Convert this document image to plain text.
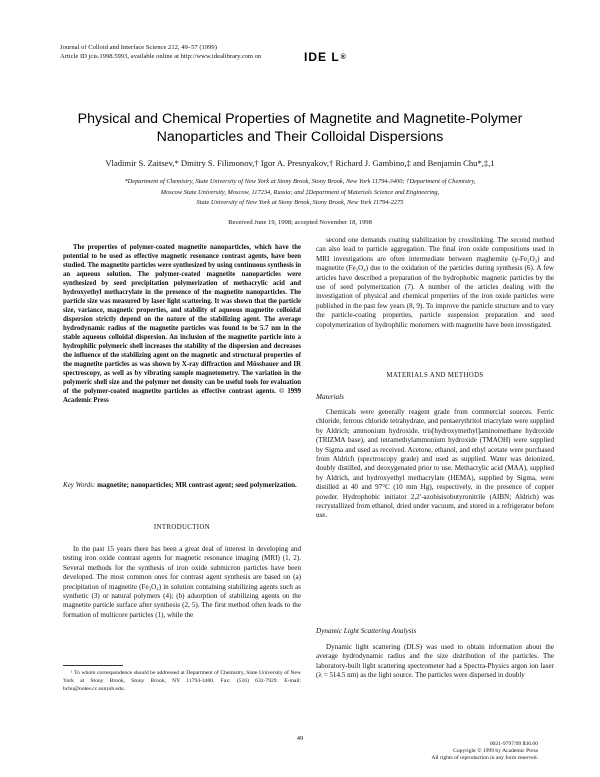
Journal of Colloid and Interface Science 212, 49–57 (1999)
Article ID jcis.1998.5993, available online at http://www.idealibrary.com on	IDE L ®
Physical and Chemical Properties of Magnetite and Magnetite-Polymer
Nanoparticles and Their Colloidal Dispersions
Vladimir S. Zaitsev,* Dmitry S. Filimonov,† Igor A. Presnyakov,† Richard J. Gambino,‡ and Benjamin Chu*,‡,1
*Department of Chemistry, State University of New York at Stony Brook, Stony Brook, New York 11794-3400; †Department of Chemistry,
Moscow State University, Moscow, 117234, Russia; and ‡Department of Materials Science and Engineering,
State University of New York at Stony Brook, Stony Brook, New York 11794-2275
Received June 19, 1998; accepted November 18, 1998
The properties of polymer-coated magnetite nanoparticles, which have the potential to be used as effective magnetic resonance contrast agents, have been studied. The magnetite particles were synthesized by using continuous synthesis in an aqueous solution. The polymer-coated magnetite nanoparticles were synthesized by seed precipitation polymerization of methacrylic acid and hydroxyethyl methacrylate in the presence of the magnetite nanoparticles. The particle size was measured by laser light scattering. It was shown that the particle size, variance, magnetic properties, and stability of aqueous magnetite colloidal dispersion strictly depend on the nature of the stabilizing agent. The average hydrodynamic radius of the magnetite particles was found to be 5.7 nm in the stable aqueous colloidal dispersion. An inclusion of the magnetite particle into a hydrophilic polymeric shell increases the stability of the dispersion and decreases the influence of the stabilizing agent on the magnetic and structural properties of the magnetite particles as was shown by X-ray diffraction and Mössbauer and IR spectroscopy, as well as by vibrating sample magnetometry. The variation in the polymeric shell size and the polymer net density can be useful tools for evaluation of the polymer-coated magnetite particles as effective contrast agents. © 1999 Academic Press
Key Words: magnetite; nanoparticles; MR contrast agent; seed polymerization.
INTRODUCTION
In the past 15 years there has been a great deal of interest in developing and testing iron oxide contrast agents for magnetic resonance imaging (MRI) (1, 2). Several methods for the synthesis of iron oxide submicron particles have been developed. The most common ones for contrast agent synthesis are based on (a) precipitation of magnetite (Fe₃O₄) in solution containing stabilizing agents such as synthetic (3) or natural polymers (4); (b) adsorption of stabilizing agents on the magnetite particle surface after synthesis (2, 5). The first method often leads to the formation of multicore particles (1), while the
¹ To whom correspondence should be addressed at Department of Chemistry, State University of New York at Stony Brook, Stony Brook, NY 11794-3400. Fax: (516) 632-7929. E-mail: bchu@notes.cc.sunysb.edu.
second one demands coating stabilization by crosslinking. The second method can also lead to particle aggregation. The final iron oxide compositions used in MRI investigations are often intermediate between maghemite (γ-Fe₂O₃) and magnetite (Fe₃O₄) due to the oxidation of the particles during synthesis (6). A few articles have described a preparation of the hydrophobic magnetic particles by the use of seed polymerization (7). A number of the articles dealing with the investigation of physical and chemical properties of the iron oxide particles were published in the past few years (8, 9). To improve the particle structure and to vary the particle-coating properties, particle suspension preparation and seed copolymerization of hydrophilic monomers with magnetite have been investigated.
MATERIALS AND METHODS
Materials
Chemicals were generally reagent grade from commercial sources. Ferric chloride, ferrous chloride tetrahydrate, and pentaerythritol triacrylate were supplied by Aldrich; ammonium hydroxide, tris[hydroxymethyl]aminomethane hydroxide (TRIZMA base), and tetramethylammonium hydroxide (TMAOH) were supplied by Sigma and used as received. Acetone, ethanol, and ethyl acetate were purchased from Aldrich (spectroscopy grade) and used as supplied. Water was deionized, doubly distilled, and deoxygenated prior to use. Methacrylic acid (MAA), supplied by Aldrich, and hydroxyethyl methacrylate (HEMA), supplied by Sigma, were distilled at 40 and 97°C (10 mm Hg), respectively, in the presence of copper powder. Hydrophobic initiator 2,2′-azobisisobutyronitrile (AIBN; Aldrich) was recrystallized from ethanol, dried under vacuum, and stored in a refrigerator before use.
Dynamic Light Scattering Analysis
Dynamic light scattering (DLS) was used to obtain information about the average hydrodynamic radius and the size distribution of the particles. The laboratory-built light scattering spectrometer had a Spectra-Physics argon ion laser (λ = 514.5 nm) as the light source. The particles were dispersed in doubly
49
0021-9797/99 $30.00
Copyright © 1999 by Academic Press
All rights of reproduction in any form reserved.
